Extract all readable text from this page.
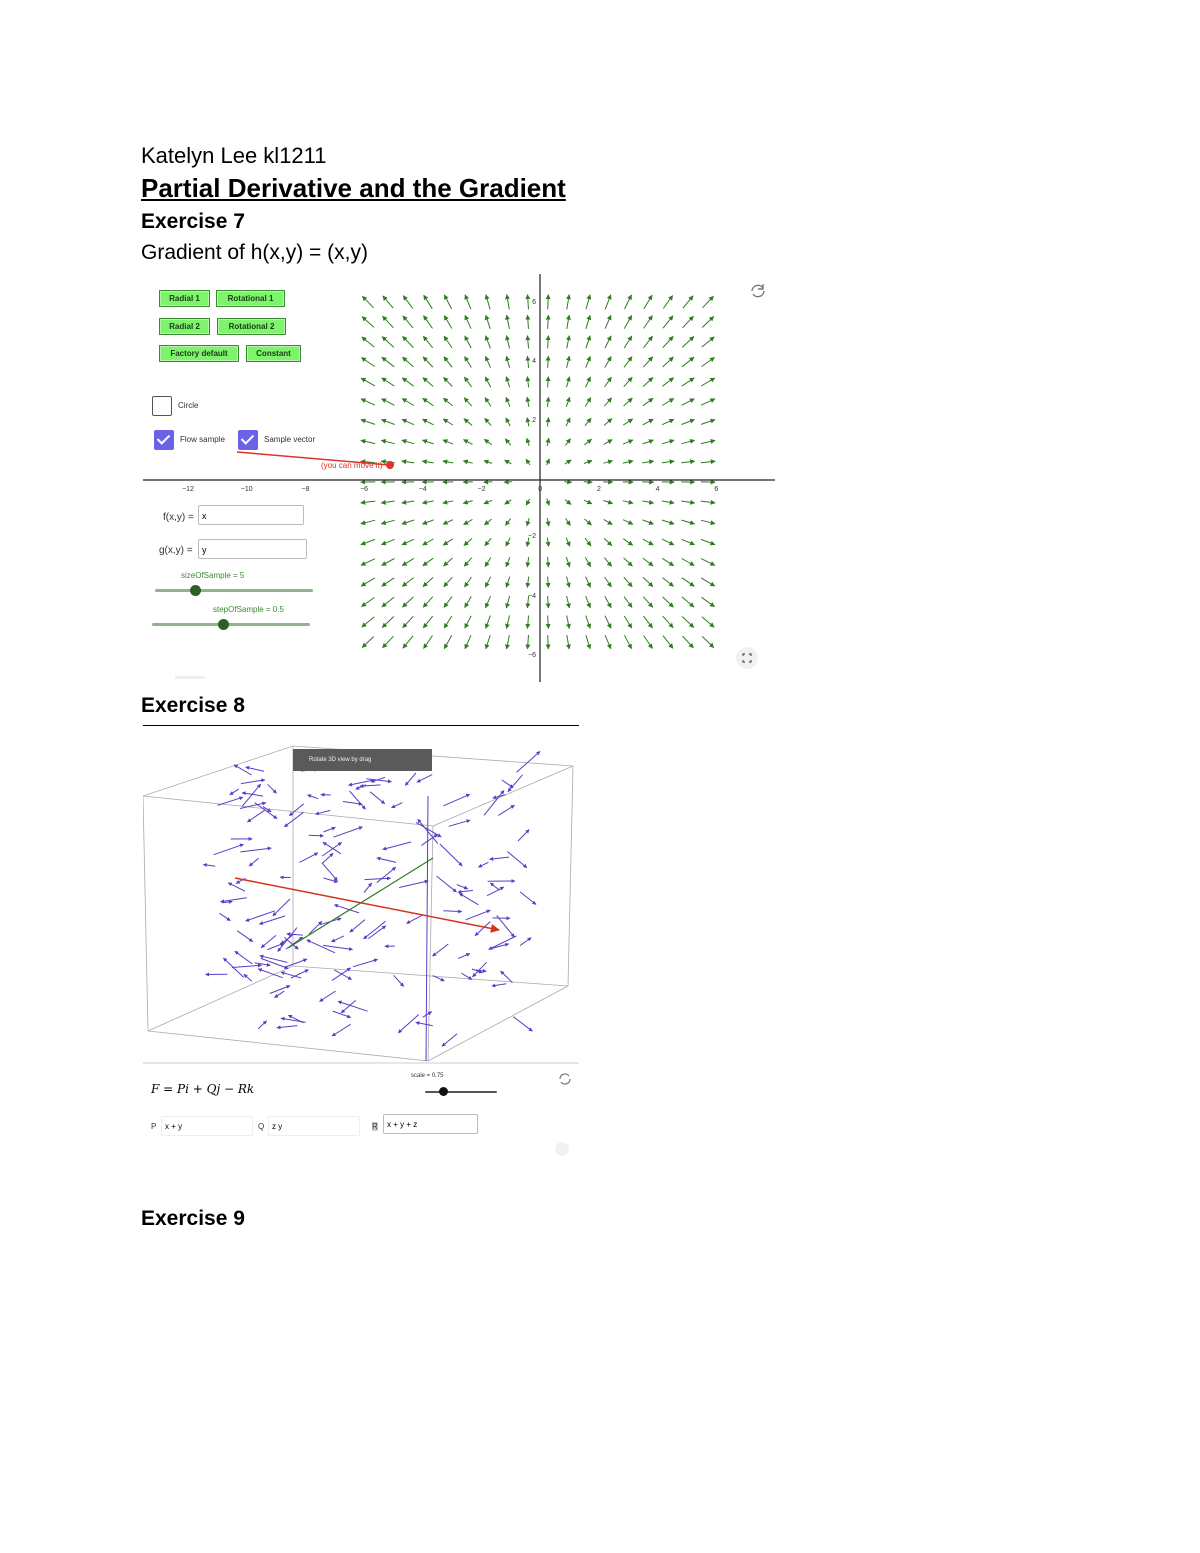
Katelyn Lee kl1211
Partial Derivative and the Gradient
Exercise 7
Gradient of h(x,y) = (x,y)
−12	−10	−8	−6	−4	−2	0	2	4	6
6
4
2
−2
−4
−6
(you can move it)
Radial 1	Rotational 1
Radial 2	Rotational 2
Factory default	Constant
Circle
Flow sample	Sample vector
f(x,y) = x
g(x,y) =	y
sizeOfSample = 5
stepOfSample = 0.5
Exercise 8
Rotate 3D view by drag
F = Pi + Qj − Rk
scale = 0.75
P	x + y	Q z y	R	x + y + z
Exercise 9
